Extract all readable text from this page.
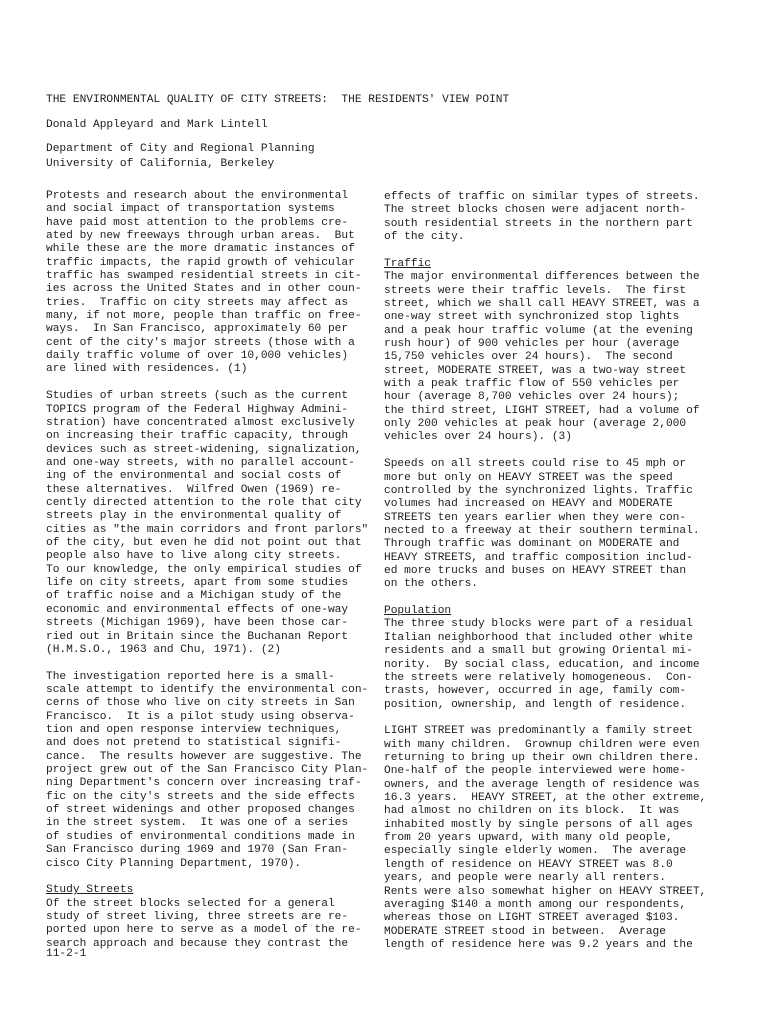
THE ENVIRONMENTAL QUALITY OF CITY STREETS:  THE RESIDENTS' VIEW POINT
Donald Appleyard and Mark Lintell
Department of City and Regional Planning
University of California, Berkeley
Protests and research about the environmental
and social impact of transportation systems
have paid most attention to the problems cre-
ated by new freeways through urban areas.  But
while these are the more dramatic instances of
traffic impacts, the rapid growth of vehicular
traffic has swamped residential streets in cit-
ies across the United States and in other coun-
tries.  Traffic on city streets may affect as
many, if not more, people than traffic on free-
ways.  In San Francisco, approximately 60 per
cent of the city's major streets (those with a
daily traffic volume of over 10,000 vehicles)
are lined with residences. (1)
Studies of urban streets (such as the current
TOPICS program of the Federal Highway Admini-
stration) have concentrated almost exclusively
on increasing their traffic capacity, through
devices such as street-widening, signalization,
and one-way streets, with no parallel account-
ing of the environmental and social costs of
these alternatives.  Wilfred Owen (1969) re-
cently directed attention to the role that city
streets play in the environmental quality of
cities as "the main corridors and front parlors"
of the city, but even he did not point out that
people also have to live along city streets.
To our knowledge, the only empirical studies of
life on city streets, apart from some studies
of traffic noise and a Michigan study of the
economic and environmental effects of one-way
streets (Michigan 1969), have been those car-
ried out in Britain since the Buchanan Report
(H.M.S.O., 1963 and Chu, 1971). (2)
The investigation reported here is a small-
scale attempt to identify the environmental con-
cerns of those who live on city streets in San
Francisco.  It is a pilot study using observa-
tion and open response interview techniques,
and does not pretend to statistical signifi-
cance.  The results however are suggestive. The
project grew out of the San Francisco City Plan-
ning Department's concern over increasing traf-
fic on the city's streets and the side effects
of street widenings and other proposed changes
in the street system.  It was one of a series
of studies of environmental conditions made in
San Francisco during 1969 and 1970 (San Fran-
cisco City Planning Department, 1970).
Study Streets
Of the street blocks selected for a general
study of street living, three streets are re-
ported upon here to serve as a model of the re-
search approach and because they contrast the
effects of traffic on similar types of streets.
The street blocks chosen were adjacent north-
south residential streets in the northern part
of the city.
Traffic
The major environmental differences between the
streets were their traffic levels.  The first
street, which we shall call HEAVY STREET, was a
one-way street with synchronized stop lights
and a peak hour traffic volume (at the evening
rush hour) of 900 vehicles per hour (average
15,750 vehicles over 24 hours).  The second
street, MODERATE STREET, was a two-way street
with a peak traffic flow of 550 vehicles per
hour (average 8,700 vehicles over 24 hours);
the third street, LIGHT STREET, had a volume of
only 200 vehicles at peak hour (average 2,000
vehicles over 24 hours). (3)
Speeds on all streets could rise to 45 mph or
more but only on HEAVY STREET was the speed
controlled by the synchronized lights. Traffic
volumes had increased on HEAVY and MODERATE
STREETS ten years earlier when they were con-
nected to a freeway at their southern terminal.
Through traffic was dominant on MODERATE and
HEAVY STREETS, and traffic composition includ-
ed more trucks and buses on HEAVY STREET than
on the others.
Population
The three study blocks were part of a residual
Italian neighborhood that included other white
residents and a small but growing Oriental mi-
nority.  By social class, education, and income
the streets were relatively homogeneous.  Con-
trasts, however, occurred in age, family com-
position, ownership, and length of residence.
LIGHT STREET was predominantly a family street
with many children.  Grownup children were even
returning to bring up their own children there.
One-half of the people interviewed were home-
owners, and the average length of residence was
16.3 years.  HEAVY STREET, at the other extreme,
had almost no children on its block.  It was
inhabited mostly by single persons of all ages
from 20 years upward, with many old people,
especially single elderly women.  The average
length of residence on HEAVY STREET was 8.0
years, and people were nearly all renters.
Rents were also somewhat higher on HEAVY STREET,
averaging $140 a month among our respondents,
whereas those on LIGHT STREET averaged $103.
MODERATE STREET stood in between.  Average
length of residence here was 9.2 years and the
11-2-1
